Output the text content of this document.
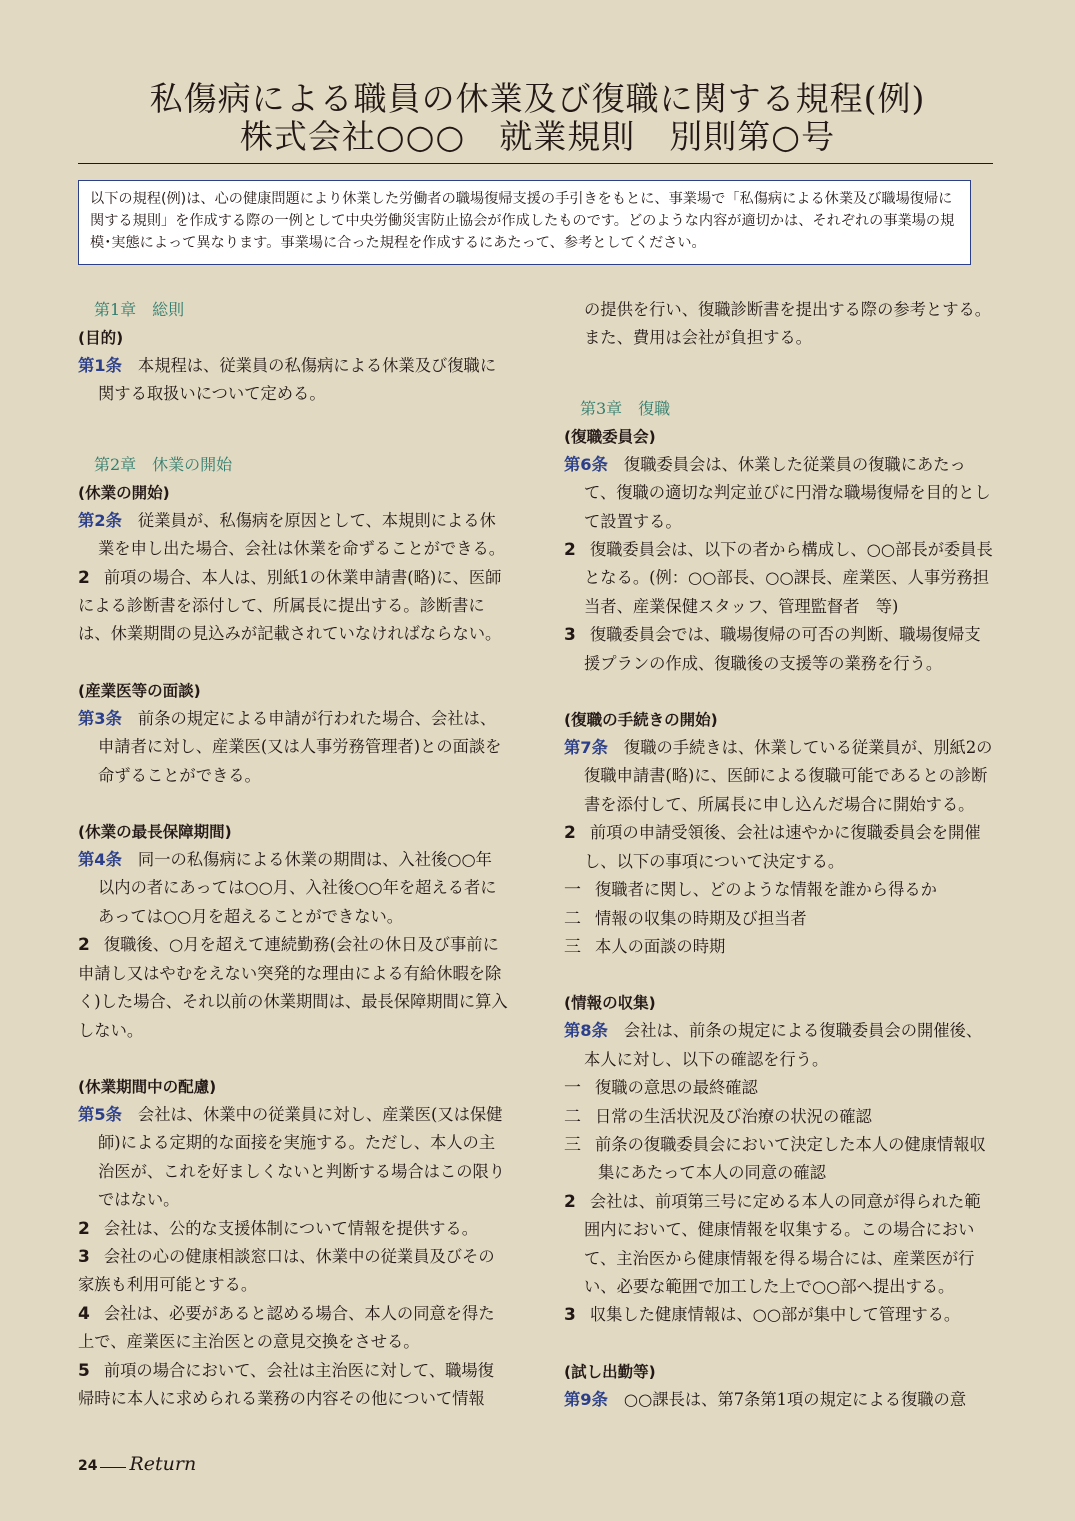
私傷病による職員の休業及び復職に関する規程(例)
株式会社○○○　就業規則　別則第○号
以下の規程(例)は、心の健康問題により休業した労働者の職場復帰支援の手引きをもとに、事業場で「私傷病による休業及び職場復帰に関する規則」を作成する際の一例として中央労働災害防止協会が作成したものです。どのような内容が適切かは、それぞれの事業場の規模･実態によって異なります。事業場に合った規程を作成するにあたって、参考としてください。
第1章　総則
(目的)
第1条 本規程は、従業員の私傷病による休業及び復職に関する取扱いについて定める。
第2章　休業の開始
(休業の開始)
第2条 従業員が、私傷病を原因として、本規則による休業を申し出た場合、会社は休業を命ずることができる。
2 前項の場合、本人は、別紙1の休業申請書(略)に、医師による診断書を添付して、所属長に提出する。診断書には、休業期間の見込みが記載されていなければならない。
(産業医等の面談)
第3条 前条の規定による申請が行われた場合、会社は、申請者に対し、産業医(又は人事労務管理者)との面談を命ずることができる。
(休業の最長保障期間)
第4条 同一の私傷病による休業の期間は、入社後○○年以内の者にあっては○○月、入社後○○年を超える者にあっては○○月を超えることができない。
2 復職後、○月を超えて連続勤務(会社の休日及び事前に申請し又はやむをえない突発的な理由による有給休暇を除く)した場合、それ以前の休業期間は、最長保障期間に算入しない。
(休業期間中の配慮)
第5条 会社は、休業中の従業員に対し、産業医(又は保健師)による定期的な面接を実施する。ただし、本人の主治医が、これを好ましくないと判断する場合はこの限りではない。
2 会社は、公的な支援体制について情報を提供する。
3 会社の心の健康相談窓口は、休業中の従業員及びその家族も利用可能とする。
4 会社は、必要があると認める場合、本人の同意を得た上で、産業医に主治医との意見交換をさせる。
5 前項の場合において、会社は主治医に対して、職場復帰時に本人に求められる業務の内容その他について情報
の提供を行い、復職診断書を提出する際の参考とする。また、費用は会社が負担する。
第3章　復職
(復職委員会)
第6条 復職委員会は、休業した従業員の復職にあたって、復職の適切な判定並びに円滑な職場復帰を目的として設置する。
2 復職委員会は、以下の者から構成し、○○部長が委員長となる。(例：○○部長、○○課長、産業医、人事労務担当者、産業保健スタッフ、管理監督者　等)
3 復職委員会では、職場復帰の可否の判断、職場復帰支援プランの作成、復職後の支援等の業務を行う。
(復職の手続きの開始)
第7条 復職の手続きは、休業している従業員が、別紙2の復職申請書(略)に、医師による復職可能であるとの診断書を添付して、所属長に申し込んだ場合に開始する。
2 前項の申請受領後、会社は速やかに復職委員会を開催し、以下の事項について決定する。
一 復職者に関し、どのような情報を誰から得るか
二 情報の収集の時期及び担当者
三 本人の面談の時期
(情報の収集)
第8条 会社は、前条の規定による復職委員会の開催後、本人に対し、以下の確認を行う。
一 復職の意思の最終確認
二 日常の生活状況及び治療の状況の確認
三 前条の復職委員会において決定した本人の健康情報収集にあたって本人の同意の確認
2 会社は、前項第三号に定める本人の同意が得られた範囲内において、健康情報を収集する。この場合において、主治医から健康情報を得る場合には、産業医が行い、必要な範囲で加工した上で○○部へ提出する。
3 収集した健康情報は、○○部が集中して管理する。
(試し出勤等)
第9条 ○○課長は、第7条第1項の規定による復職の意
24 Return
